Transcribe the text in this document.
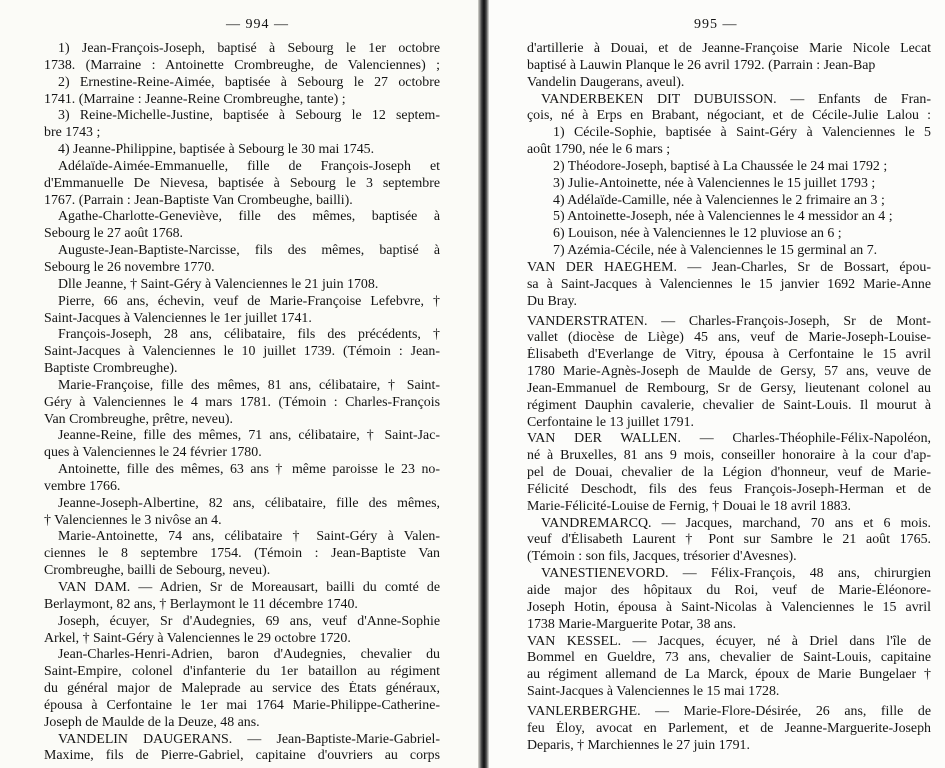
— 994 —
1) Jean-François-Joseph, baptisé à Sebourg le 1er octobre
1738. (Marraine : Antoinette Crombreughe, de Valenciennes) ;
2) Ernestine-Reine-Aimée, baptisée à Sebourg le 27 octobre
1741. (Marraine : Jeanne-Reine Crombreughe, tante) ;
3) Reine-Michelle-Justine, baptisée à Sebourg le 12 septem-
bre 1743 ;
4) Jeanne-Philippine, baptisée à Sebourg le 30 mai 1745.
Adélaïde-Aimée-Emmanuelle, fille de François-Joseph et
d'Emmanuelle De Nievesa, baptisée à Sebourg le 3 septembre
1767. (Parrain : Jean-Baptiste Van Crombeughe, bailli).
Agathe-Charlotte-Geneviève, fille des mêmes, baptisée à
Sebourg le 27 août 1768.
Auguste-Jean-Baptiste-Narcisse, fils des mêmes, baptisé à
Sebourg le 26 novembre 1770.
Dlle Jeanne, † Saint-Géry à Valenciennes le 21 juin 1708.
Pierre, 66 ans, échevin, veuf de Marie-Françoise Lefebvre, †
Saint-Jacques à Valenciennes le 1er juillet 1741.
François-Joseph, 28 ans, célibataire, fils des précédents, †
Saint-Jacques à Valenciennes le 10 juillet 1739. (Témoin : Jean-
Baptiste Crombreughe).
Marie-Françoise, fille des mêmes, 81 ans, célibataire, † Saint-
Géry à Valenciennes le 4 mars 1781. (Témoin : Charles-François
Van Crombreughe, prêtre, neveu).
Jeanne-Reine, fille des mêmes, 71 ans, célibataire, † Saint-Jac-
ques à Valenciennes le 24 février 1780.
Antoinette, fille des mêmes, 63 ans † même paroisse le 23 no-
vembre 1766.
Jeanne-Joseph-Albertine, 82 ans, célibataire, fille des mêmes,
† Valenciennes le 3 nivôse an 4.
Marie-Antoinette, 74 ans, célibataire † Saint-Géry à Valen-
ciennes le 8 septembre 1754. (Témoin : Jean-Baptiste Van
Crombreughe, bailli de Sebourg, neveu).
VAN DAM. — Adrien, Sr de Moreausart, bailli du comté de
Berlaymont, 82 ans, † Berlaymont le 11 décembre 1740.
Joseph, écuyer, Sr d'Audegnies, 69 ans, veuf d'Anne-Sophie
Arkel, † Saint-Géry à Valenciennes le 29 octobre 1720.
Jean-Charles-Henri-Adrien, baron d'Audegnies, chevalier du
Saint-Empire, colonel d'infanterie du 1er bataillon au régiment
du général major de Maleprade au service des États généraux,
épousa à Cerfontaine le 1er mai 1764 Marie-Philippe-Catherine-
Joseph de Maulde de la Deuze, 48 ans.
VANDELIN DAUGERANS. — Jean-Baptiste-Marie-Gabriel-
Maxime, fils de Pierre-Gabriel, capitaine d'ouvriers au corps
995 —
d'artillerie à Douai, et de Jeanne-Françoise Marie Nicole Lecat
baptisé à Lauwin Planque le 26 avril 1792. (Parrain : Jean-Bap
Vandelin Daugerans, aveul).
VANDERBEKEN DIT DUBUISSON. — Enfants de Fran-
çois, né à Erps en Brabant, négociant, et de Cécile-Julie Lalou :
1) Cécile-Sophie, baptisée à Saint-Géry à Valenciennes le 5
août 1790, née le 6 mars ;
2) Théodore-Joseph, baptisé à La Chaussée le 24 mai 1792 ;
3) Julie-Antoinette, née à Valenciennes le 15 juillet 1793 ;
4) Adélaïde-Camille, née à Valenciennes le 2 frimaire an 3 ;
5) Antoinette-Joseph, née à Valenciennes le 4 messidor an 4 ;
6) Louison, née à Valenciennes le 12 pluviose an 6 ;
7) Azémia-Cécile, née à Valenciennes le 15 germinal an 7.
VAN DER HAEGHEM. — Jean-Charles, Sr de Bossart, épou-
sa à Saint-Jacques à Valenciennes le 15 janvier 1692 Marie-Anne
Du Bray.
VANDERSTRATEN. — Charles-François-Joseph, Sr de Mont-
vallet (diocèse de Liège) 45 ans, veuf de Marie-Joseph-Louise-
Élisabeth d'Everlange de Vitry, épousa à Cerfontaine le 15 avril
1780 Marie-Agnès-Joseph de Maulde de Gersy, 57 ans, veuve de
Jean-Emmanuel de Rembourg, Sr de Gersy, lieutenant colonel au
régiment Dauphin cavalerie, chevalier de Saint-Louis. Il mourut à
Cerfontaine le 13 juillet 1791.
VAN DER WALLEN. — Charles-Théophile-Félix-Napoléon,
né à Bruxelles, 81 ans 9 mois, conseiller honoraire à la cour d'ap-
pel de Douai, chevalier de la Légion d'honneur, veuf de Marie-
Félicité Deschodt, fils des feus François-Joseph-Herman et de
Marie-Félicité-Louise de Fernig, † Douai le 18 avril 1883.
VANDREMARCQ. — Jacques, marchand, 70 ans et 6 mois.
veuf d'Élisabeth Laurent † Pont sur Sambre le 21 août 1765.
(Témoin : son fils, Jacques, trésorier d'Avesnes).
VANESTIENEVORD. — Félix-François, 48 ans, chirurgien
aide major des hôpitaux du Roi, veuf de Marie-Éléonore-
Joseph Hotin, épousa à Saint-Nicolas à Valenciennes le 15 avril
1738 Marie-Marguerite Potar, 38 ans.
VAN KESSEL. — Jacques, écuyer, né à Driel dans l'île de
Bommel en Gueldre, 73 ans, chevalier de Saint-Louis, capitaine
au régiment allemand de La Marck, époux de Marie Bungelaer †
Saint-Jacques à Valenciennes le 15 mai 1728.
VANLERBERGHE. — Marie-Flore-Désirée, 26 ans, fille de
feu Éloy, avocat en Parlement, et de Jeanne-Marguerite-Joseph
Deparis, † Marchiennes le 27 juin 1791.
